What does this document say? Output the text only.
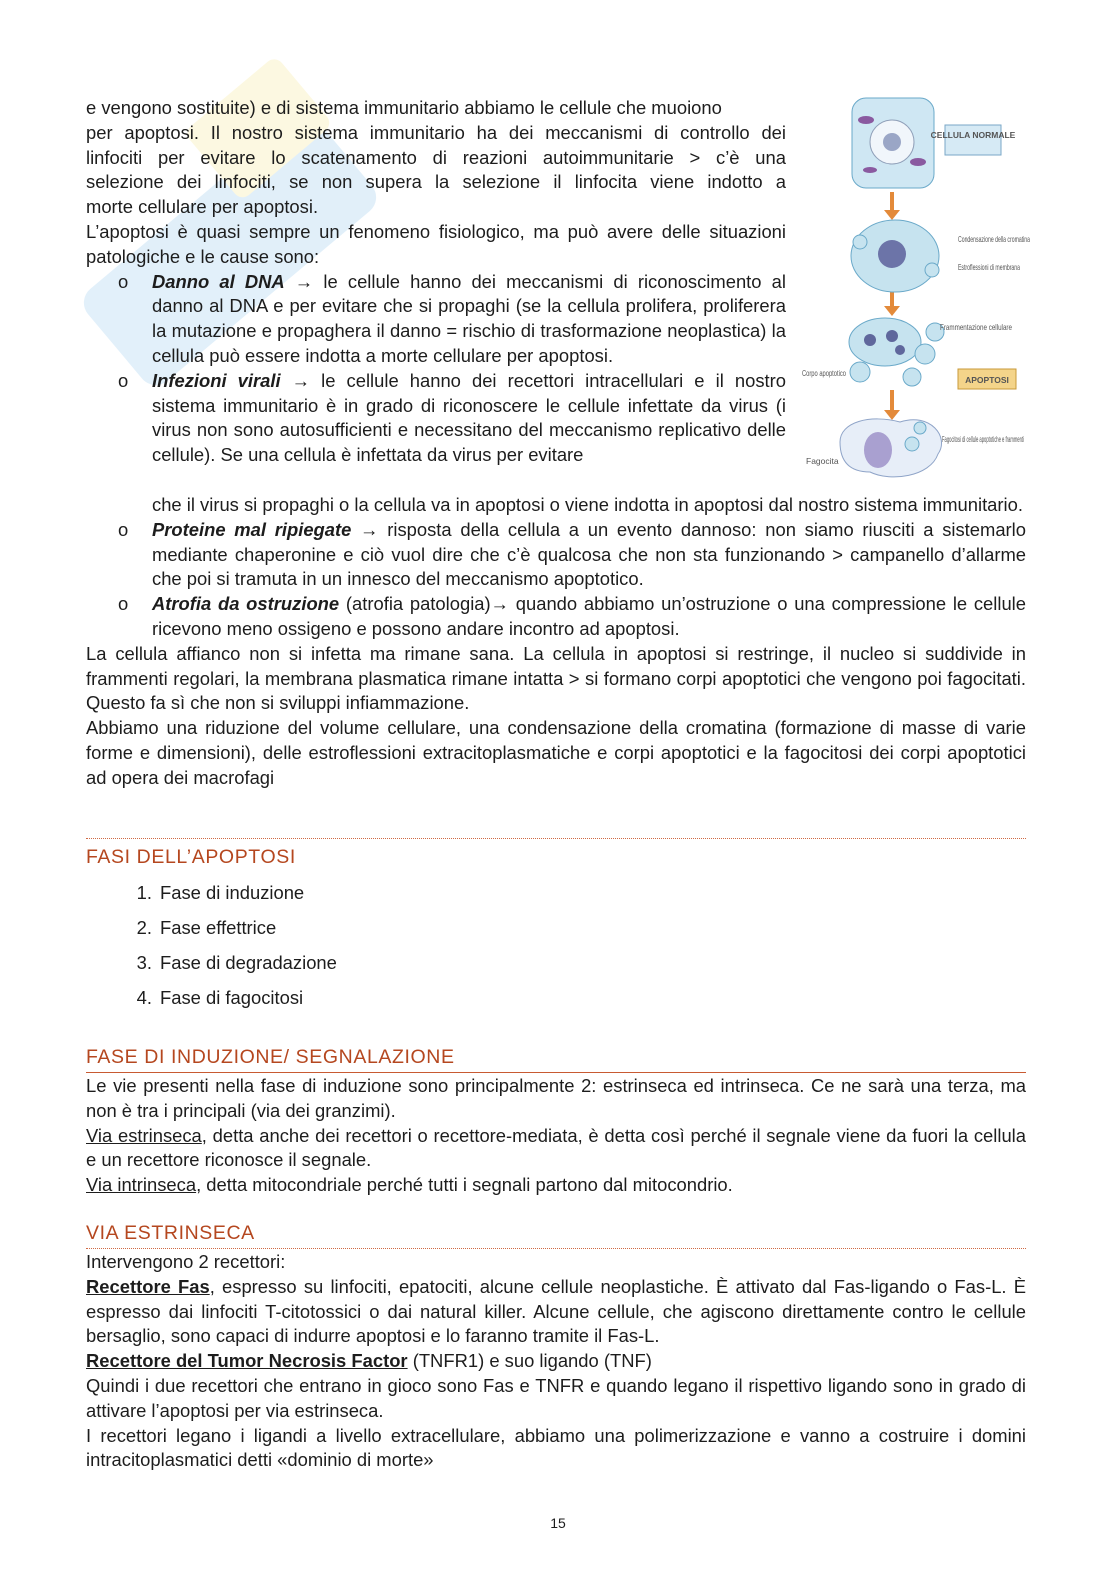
e vengono sostituite) e di sistema immunitario abbiamo le cellule che muoiono
per apoptosi. Il nostro sistema immunitario ha dei meccanismi di controllo dei
linfociti per evitare lo scatenamento di reazioni autoimmunitarie > c’è una
selezione dei linfociti, se non supera la selezione il linfocita viene indotto a
morte cellulare per apoptosi.

L’apoptosi è quasi sempre un fenomeno fisiologico, ma può avere delle situazioni patologiche e le cause sono:

o Danno al DNA → le cellule hanno dei meccanismi di riconoscimento al danno al DNA e per evitare che si propaghi (se la cellula prolifera, proliferera la mutazione e propaghera il danno = rischio di trasformazione neoplastica) la cellula può essere indotta a morte cellulare per apoptosi.
o Infezioni virali → le cellule hanno dei recettori intracellulari e il nostro sistema immunitario è in grado di riconoscere le cellule infettate da virus (i virus non sono autosufficienti e necessitano del meccanismo replicativo delle cellule). Se una cellula è infettata da virus per evitare
che il virus si propaghi o la cellula va in apoptosi o viene indotta in apoptosi dal nostro sistema immunitario.
o Proteine mal ripiegate → risposta della cellula a un evento dannoso: non siamo riusciti a sistemarlo mediante chaperonine e ciò vuol dire che c’è qualcosa che non sta funzionando > campanello d’allarme che poi si tramuta in un innesco del meccanismo apoptotico.
o Atrofia da ostruzione (atrofia patologia)→ quando abbiamo un’ostruzione o una compressione le cellule ricevono meno ossigeno e possono andare incontro ad apoptosi.

La cellula affianco non si infetta ma rimane sana. La cellula in apoptosi si restringe, il nucleo si suddivide in frammenti regolari, la membrana plasmatica rimane intatta > si formano corpi apoptotici che vengono poi fagocitati. Questo fa sì che non si sviluppi infiammazione.

Abbiamo una riduzione del volume cellulare, una condensazione della cromatina (formazione di masse di varie forme e dimensioni), delle estroflessioni extracitoplasmatiche e corpi apoptotici e la fagocitosi dei corpi apoptotici ad opera dei macrofagi

FASI DELL’APOPTOSI
1. Fase di induzione
2. Fase effettrice
3. Fase di degradazione
4. Fase di fagocitosi
FASE DI INDUZIONE/ SEGNALAZIONE

Le vie presenti nella fase di induzione sono principalmente 2: estrinseca ed intrinseca. Ce ne sarà una terza, ma non è tra i principali (via dei granzimi).

Via estrinseca, detta anche dei recettori o recettore-mediata, è detta così perché il segnale viene da fuori la cellula e un recettore riconosce il segnale.

Via intrinseca, detta mitocondriale perché tutti i segnali partono dal mitocondrio.

VIA ESTRINSECA

Intervengono 2 recettori:

Recettore Fas, espresso su linfociti, epatociti, alcune cellule neoplastiche. È attivato dal Fas-ligando o Fas-L. È espresso dai linfociti T-citotossici o dai natural killer. Alcune cellule, che agiscono direttamente contro le cellule bersaglio, sono capaci di indurre apoptosi e lo faranno tramite il Fas-L.

Recettore del Tumor Necrosis Factor (TNFR1) e suo ligando (TNF)

Quindi i due recettori che entrano in gioco sono Fas e TNFR e quando legano il rispettivo ligando sono in grado di attivare l’apoptosi per via estrinseca.

I recettori legano i ligandi a livello extracellulare, abbiamo una polimerizzazione e vanno a costruire i domini intracitoplasmatici detti «dominio di morte»

CELLULA NORMALE
Condensazione della cromatina
Estroflessioni di membrana
Frammentazione cellulare
Corpo apoptotico
APOPTOSI
Fagocita
Fagocitosi di cellule apoptotiche e frammenti
15
